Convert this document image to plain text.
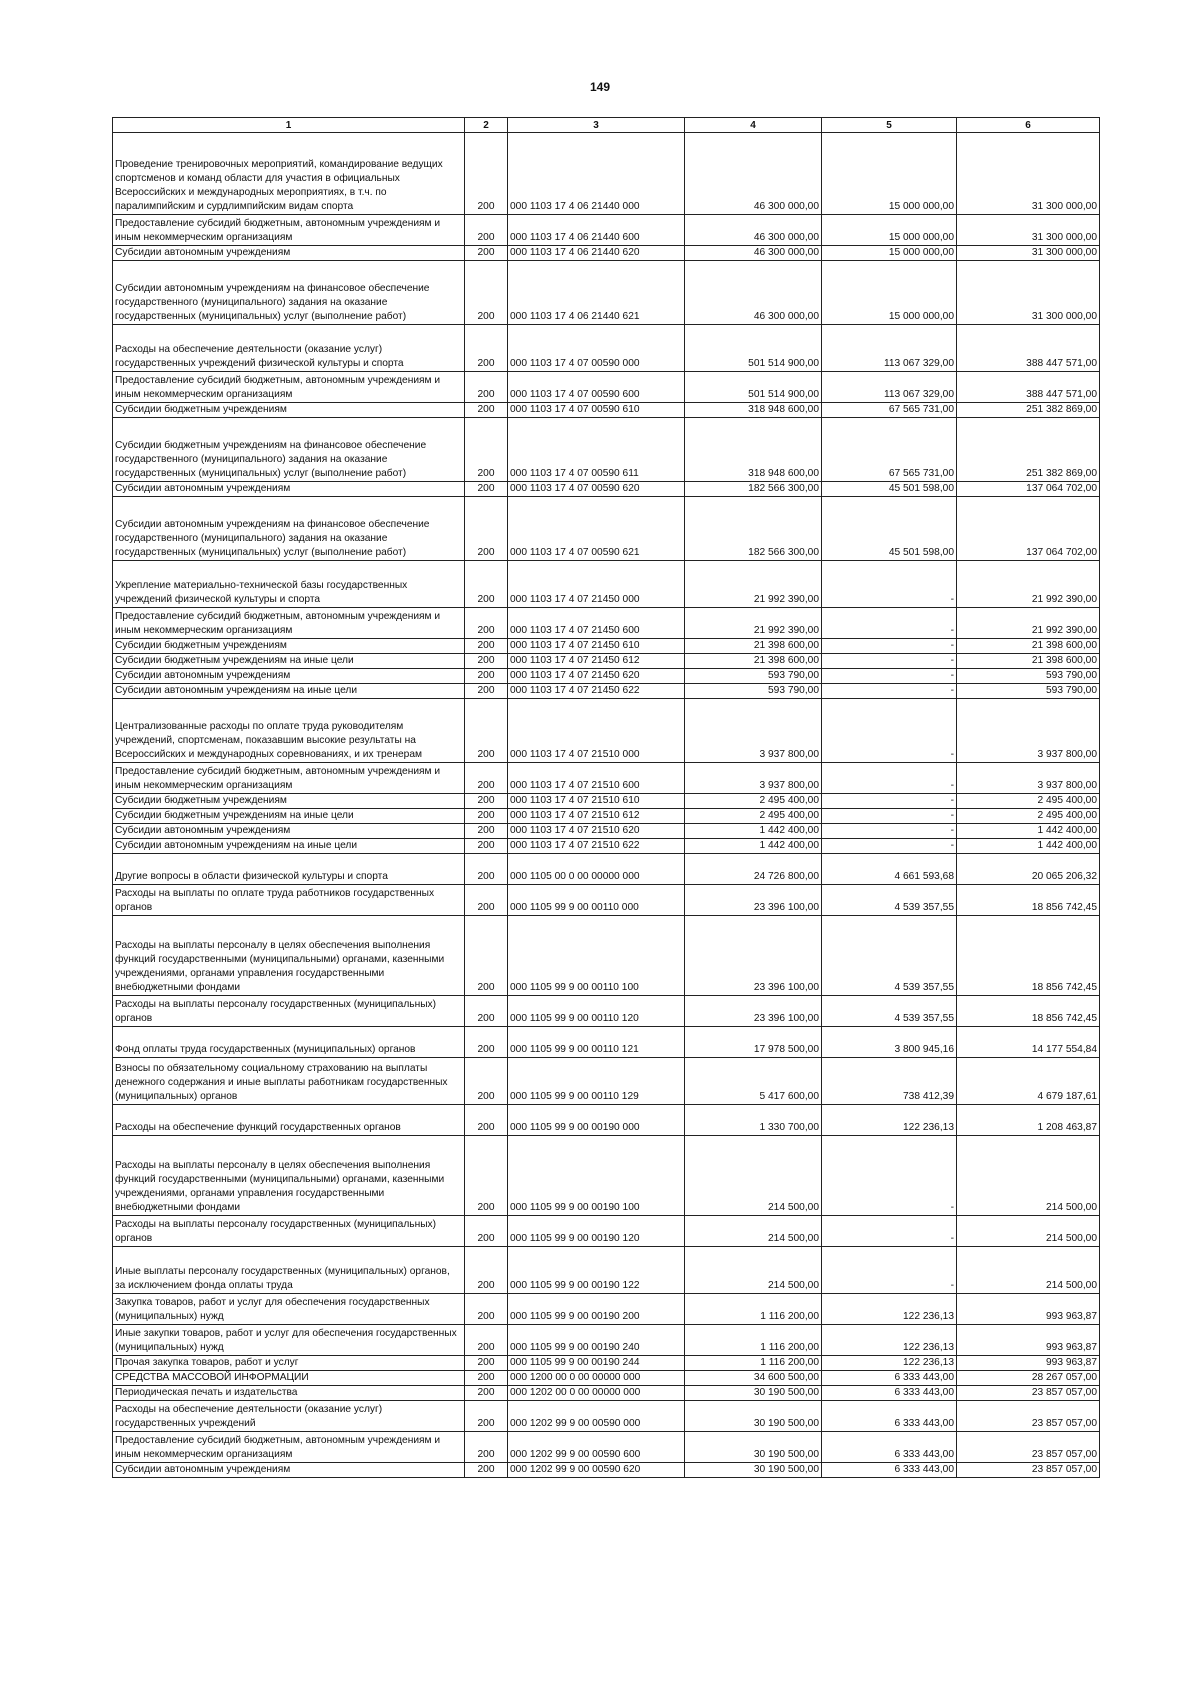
149
1	2	3	4	5	6
Проведение тренировочных мероприятий, командирование ведущих спортсменов и команд области для участия в официальных Всероссийских и международных мероприятиях, в т.ч. по паралимпийским и сурдлимпийским видам спорта	200	000 1103 17 4 06 21440 000	46 300 000,00	15 000 000,00	31 300 000,00
Предоставление субсидий бюджетным, автономным учреждениям и иным некоммерческим организациям	200	000 1103 17 4 06 21440 600	46 300 000,00	15 000 000,00	31 300 000,00
Субсидии автономным учреждениям	200	000 1103 17 4 06 21440 620	46 300 000,00	15 000 000,00	31 300 000,00
Субсидии автономным учреждениям на финансовое обеспечение государственного (муниципального) задания на оказание государственных (муниципальных) услуг (выполнение работ)	200	000 1103 17 4 06 21440 621	46 300 000,00	15 000 000,00	31 300 000,00
Расходы на обеспечение деятельности (оказание услуг) государственных учреждений физической культуры и спорта	200	000 1103 17 4 07 00590 000	501 514 900,00	113 067 329,00	388 447 571,00
Предоставление субсидий бюджетным, автономным учреждениям и иным некоммерческим организациям	200	000 1103 17 4 07 00590 600	501 514 900,00	113 067 329,00	388 447 571,00
Субсидии бюджетным учреждениям	200	000 1103 17 4 07 00590 610	318 948 600,00	67 565 731,00	251 382 869,00
Субсидии бюджетным учреждениям на финансовое обеспечение государственного (муниципального) задания на оказание государственных (муниципальных) услуг (выполнение работ)	200	000 1103 17 4 07 00590 611	318 948 600,00	67 565 731,00	251 382 869,00
Субсидии автономным учреждениям	200	000 1103 17 4 07 00590 620	182 566 300,00	45 501 598,00	137 064 702,00
Субсидии автономным учреждениям на финансовое обеспечение государственного (муниципального) задания на оказание государственных (муниципальных) услуг (выполнение работ)	200	000 1103 17 4 07 00590 621	182 566 300,00	45 501 598,00	137 064 702,00
Укрепление материально-технической базы государственных учреждений физической культуры и спорта	200	000 1103 17 4 07 21450 000	21 992 390,00	-	21 992 390,00
Предоставление субсидий бюджетным, автономным учреждениям и иным некоммерческим организациям	200	000 1103 17 4 07 21450 600	21 992 390,00	-	21 992 390,00
Субсидии бюджетным учреждениям	200	000 1103 17 4 07 21450 610	21 398 600,00	-	21 398 600,00
Субсидии бюджетным учреждениям на иные цели	200	000 1103 17 4 07 21450 612	21 398 600,00	-	21 398 600,00
Субсидии автономным учреждениям	200	000 1103 17 4 07 21450 620	593 790,00	-	593 790,00
Субсидии автономным учреждениям на иные цели	200	000 1103 17 4 07 21450 622	593 790,00	-	593 790,00
Централизованные расходы по оплате труда руководителям учреждений, спортсменам, показавшим высокие результаты на Всероссийских и международных соревнованиях, и их тренерам	200	000 1103 17 4 07 21510 000	3 937 800,00	-	3 937 800,00
Предоставление субсидий бюджетным, автономным учреждениям и иным некоммерческим организациям	200	000 1103 17 4 07 21510 600	3 937 800,00	-	3 937 800,00
Субсидии бюджетным учреждениям	200	000 1103 17 4 07 21510 610	2 495 400,00	-	2 495 400,00
Субсидии бюджетным учреждениям на иные цели	200	000 1103 17 4 07 21510 612	2 495 400,00	-	2 495 400,00
Субсидии автономным учреждениям	200	000 1103 17 4 07 21510 620	1 442 400,00	-	1 442 400,00
Субсидии автономным учреждениям на иные цели	200	000 1103 17 4 07 21510 622	1 442 400,00	-	1 442 400,00
Другие вопросы в области физической культуры и спорта	200	000 1105 00 0 00 00000 000	24 726 800,00	4 661 593,68	20 065 206,32
Расходы на выплаты по оплате труда работников государственных органов	200	000 1105 99 9 00 00110 000	23 396 100,00	4 539 357,55	18 856 742,45
Расходы на выплаты персоналу в целях обеспечения выполнения функций государственными (муниципальными) органами, казенными учреждениями, органами управления государственными внебюджетными фондами	200	000 1105 99 9 00 00110 100	23 396 100,00	4 539 357,55	18 856 742,45
Расходы на выплаты персоналу государственных (муниципальных) органов	200	000 1105 99 9 00 00110 120	23 396 100,00	4 539 357,55	18 856 742,45
Фонд оплаты труда государственных (муниципальных) органов	200	000 1105 99 9 00 00110 121	17 978 500,00	3 800 945,16	14 177 554,84
Взносы по обязательному социальному страхованию на выплаты денежного содержания и иные выплаты работникам государственных (муниципальных) органов	200	000 1105 99 9 00 00110 129	5 417 600,00	738 412,39	4 679 187,61
Расходы на обеспечение функций государственных органов	200	000 1105 99 9 00 00190 000	1 330 700,00	122 236,13	1 208 463,87
Расходы на выплаты персоналу в целях обеспечения выполнения функций государственными (муниципальными) органами, казенными учреждениями, органами управления государственными внебюджетными фондами	200	000 1105 99 9 00 00190 100	214 500,00	-	214 500,00
Расходы на выплаты персоналу государственных (муниципальных) органов	200	000 1105 99 9 00 00190 120	214 500,00	-	214 500,00
Иные выплаты персоналу государственных (муниципальных) органов, за исключением фонда оплаты труда	200	000 1105 99 9 00 00190 122	214 500,00	-	214 500,00
Закупка товаров, работ и услуг для обеспечения государственных (муниципальных) нужд	200	000 1105 99 9 00 00190 200	1 116 200,00	122 236,13	993 963,87
Иные закупки товаров, работ и услуг для обеспечения государственных (муниципальных) нужд	200	000 1105 99 9 00 00190 240	1 116 200,00	122 236,13	993 963,87
Прочая закупка товаров, работ и услуг	200	000 1105 99 9 00 00190 244	1 116 200,00	122 236,13	993 963,87
СРЕДСТВА МАССОВОЙ ИНФОРМАЦИИ	200	000 1200 00 0 00 00000 000	34 600 500,00	6 333 443,00	28 267 057,00
Периодическая печать и издательства	200	000 1202 00 0 00 00000 000	30 190 500,00	6 333 443,00	23 857 057,00
Расходы на обеспечение деятельности (оказание услуг) государственных учреждений	200	000 1202 99 9 00 00590 000	30 190 500,00	6 333 443,00	23 857 057,00
Предоставление субсидий бюджетным, автономным учреждениям и иным некоммерческим организациям	200	000 1202 99 9 00 00590 600	30 190 500,00	6 333 443,00	23 857 057,00
Субсидии автономным учреждениям	200	000 1202 99 9 00 00590 620	30 190 500,00	6 333 443,00	23 857 057,00
